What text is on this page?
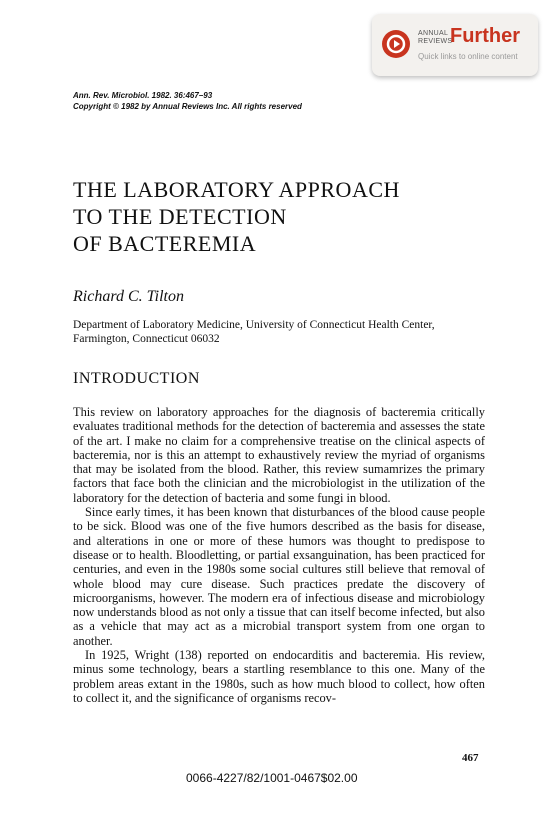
ANNUAL REVIEWS
Further
Quick links to online content
Ann. Rev. Microbiol. 1982. 36:467–93
Copyright © 1982 by Annual Reviews Inc. All rights reserved
THE LABORATORY APPROACH
TO THE DETECTION
OF BACTEREMIA
Richard C. Tilton
Department of Laboratory Medicine, University of Connecticut Health Center,
Farmington, Connecticut 06032
INTRODUCTION

This review on laboratory approaches for the diagnosis of bacteremia critically evaluates traditional methods for the detection of bacteremia and assesses the state of the art. I make no claim for a comprehensive treatise on the clinical aspects of bacteremia, nor is this an attempt to exhaustively review the myriad of organisms that may be isolated from the blood. Rather, this review sumamrizes the primary factors that face both the clinician and the microbiologist in the utilization of the laboratory for the detection of bacteria and some fungi in blood.

Since early times, it has been known that disturbances of the blood cause people to be sick. Blood was one of the five humors described as the basis for disease, and alterations in one or more of these humors was thought to predispose to disease or to health. Bloodletting, or partial exsanguination, has been practiced for centuries, and even in the 1980s some social cultures still believe that removal of whole blood may cure disease. Such practices predate the discovery of microorganisms, however. The modern era of infectious disease and microbiology now understands blood as not only a tissue that can itself become infected, but also as a vehicle that may act as a microbial transport system from one organ to another.

In 1925, Wright (138) reported on endocarditis and bacteremia. His review, minus some technology, bears a startling resemblance to this one. Many of the problem areas extant in the 1980s, such as how much blood to collect, how often to collect it, and the significance of organisms recov-

467
0066-4227/82/1001-0467$02.00
